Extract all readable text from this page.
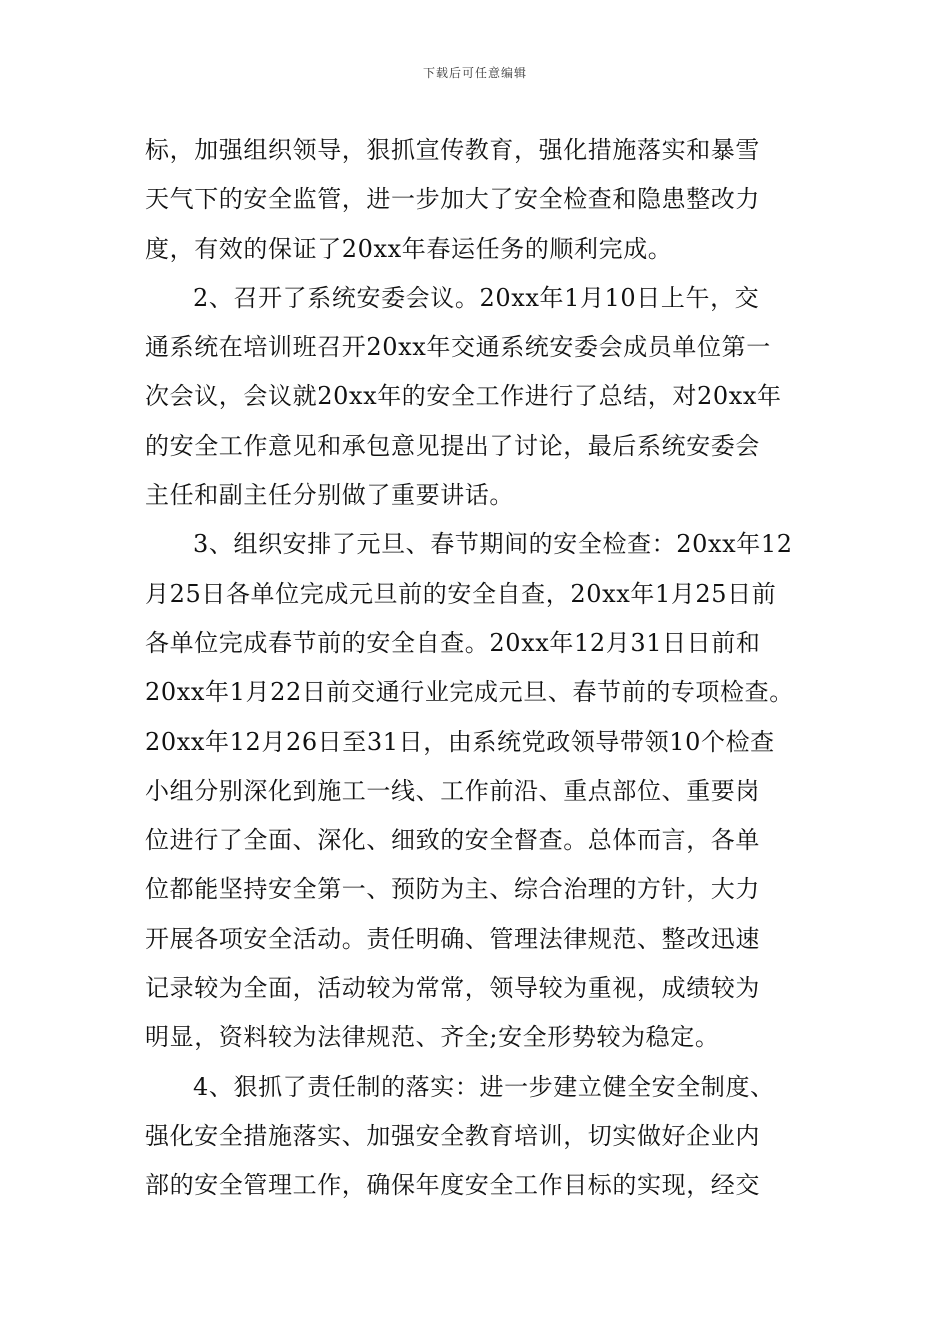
下载后可任意编辑
标，加强组织领导，狠抓宣传教育，强化措施落实和暴雪
天气下的安全监管，进一步加大了安全检查和隐患整改力
度，有效的保证了20xx年春运任务的顺利完成。
2、召开了系统安委会议。20xx年1月10日上午，交
通系统在培训班召开20xx年交通系统安委会成员单位第一
次会议，会议就20xx年的安全工作进行了总结，对20xx年
的安全工作意见和承包意见提出了讨论，最后系统安委会
主任和副主任分别做了重要讲话。
3、组织安排了元旦、春节期间的安全检查：20xx年12
月25日各单位完成元旦前的安全自查，20xx年1月25日前
各单位完成春节前的安全自查。20xx年12月31日日前和
20xx年1月22日前交通行业完成元旦、春节前的专项检查。
20xx年12月26日至31日，由系统党政领导带领10个检查
小组分别深化到施工一线、工作前沿、重点部位、重要岗
位进行了全面、深化、细致的安全督查。总体而言，各单
位都能坚持安全第一、预防为主、综合治理的方针，大力
开展各项安全活动。责任明确、管理法律规范、整改迅速
记录较为全面，活动较为常常，领导较为重视，成绩较为
明显，资料较为法律规范、齐全;安全形势较为稳定。
4、狠抓了责任制的落实：进一步建立健全安全制度、
强化安全措施落实、加强安全教育培训，切实做好企业内
部的安全管理工作，确保年度安全工作目标的实现，经交
